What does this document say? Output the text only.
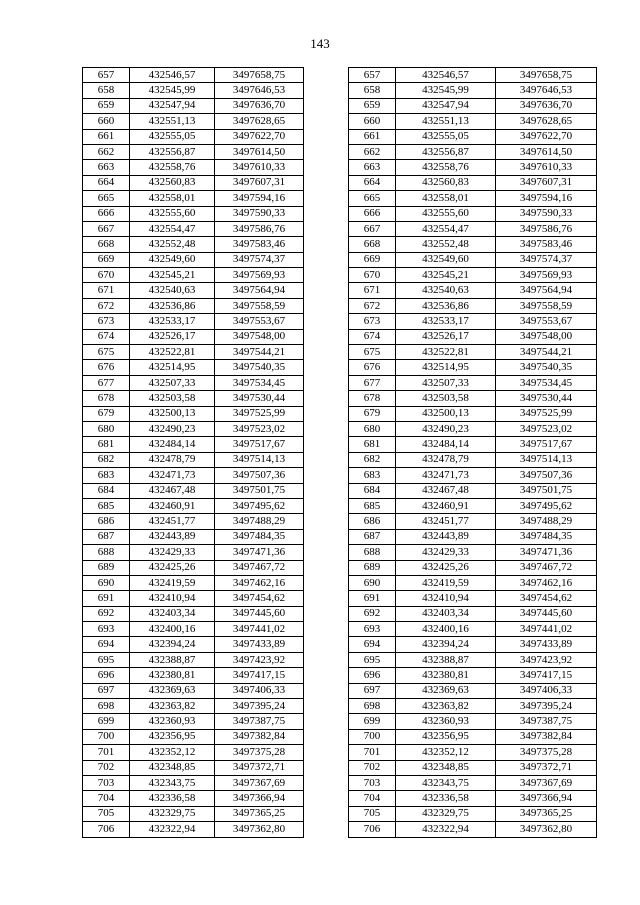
143
657	432546,57	3497658,75		657	432546,57	3497658,75
658	432545,99	3497646,53		658	432545,99	3497646,53
659	432547,94	3497636,70		659	432547,94	3497636,70
660	432551,13	3497628,65		660	432551,13	3497628,65
661	432555,05	3497622,70		661	432555,05	3497622,70
662	432556,87	3497614,50		662	432556,87	3497614,50
663	432558,76	3497610,33		663	432558,76	3497610,33
664	432560,83	3497607,31		664	432560,83	3497607,31
665	432558,01	3497594,16		665	432558,01	3497594,16
666	432555,60	3497590,33		666	432555,60	3497590,33
667	432554,47	3497586,76		667	432554,47	3497586,76
668	432552,48	3497583,46		668	432552,48	3497583,46
669	432549,60	3497574,37		669	432549,60	3497574,37
670	432545,21	3497569,93		670	432545,21	3497569,93
671	432540,63	3497564,94		671	432540,63	3497564,94
672	432536,86	3497558,59		672	432536,86	3497558,59
673	432533,17	3497553,67		673	432533,17	3497553,67
674	432526,17	3497548,00		674	432526,17	3497548,00
675	432522,81	3497544,21		675	432522,81	3497544,21
676	432514,95	3497540,35		676	432514,95	3497540,35
677	432507,33	3497534,45		677	432507,33	3497534,45
678	432503,58	3497530,44		678	432503,58	3497530,44
679	432500,13	3497525,99		679	432500,13	3497525,99
680	432490,23	3497523,02		680	432490,23	3497523,02
681	432484,14	3497517,67		681	432484,14	3497517,67
682	432478,79	3497514,13		682	432478,79	3497514,13
683	432471,73	3497507,36		683	432471,73	3497507,36
684	432467,48	3497501,75		684	432467,48	3497501,75
685	432460,91	3497495,62		685	432460,91	3497495,62
686	432451,77	3497488,29		686	432451,77	3497488,29
687	432443,89	3497484,35		687	432443,89	3497484,35
688	432429,33	3497471,36		688	432429,33	3497471,36
689	432425,26	3497467,72		689	432425,26	3497467,72
690	432419,59	3497462,16		690	432419,59	3497462,16
691	432410,94	3497454,62		691	432410,94	3497454,62
692	432403,34	3497445,60		692	432403,34	3497445,60
693	432400,16	3497441,02		693	432400,16	3497441,02
694	432394,24	3497433,89		694	432394,24	3497433,89
695	432388,87	3497423,92		695	432388,87	3497423,92
696	432380,81	3497417,15		696	432380,81	3497417,15
697	432369,63	3497406,33		697	432369,63	3497406,33
698	432363,82	3497395,24		698	432363,82	3497395,24
699	432360,93	3497387,75		699	432360,93	3497387,75
700	432356,95	3497382,84		700	432356,95	3497382,84
701	432352,12	3497375,28		701	432352,12	3497375,28
702	432348,85	3497372,71		702	432348,85	3497372,71
703	432343,75	3497367,69		703	432343,75	3497367,69
704	432336,58	3497366,94		704	432336,58	3497366,94
705	432329,75	3497365,25		705	432329,75	3497365,25
706	432322,94	3497362,80		706	432322,94	3497362,80
